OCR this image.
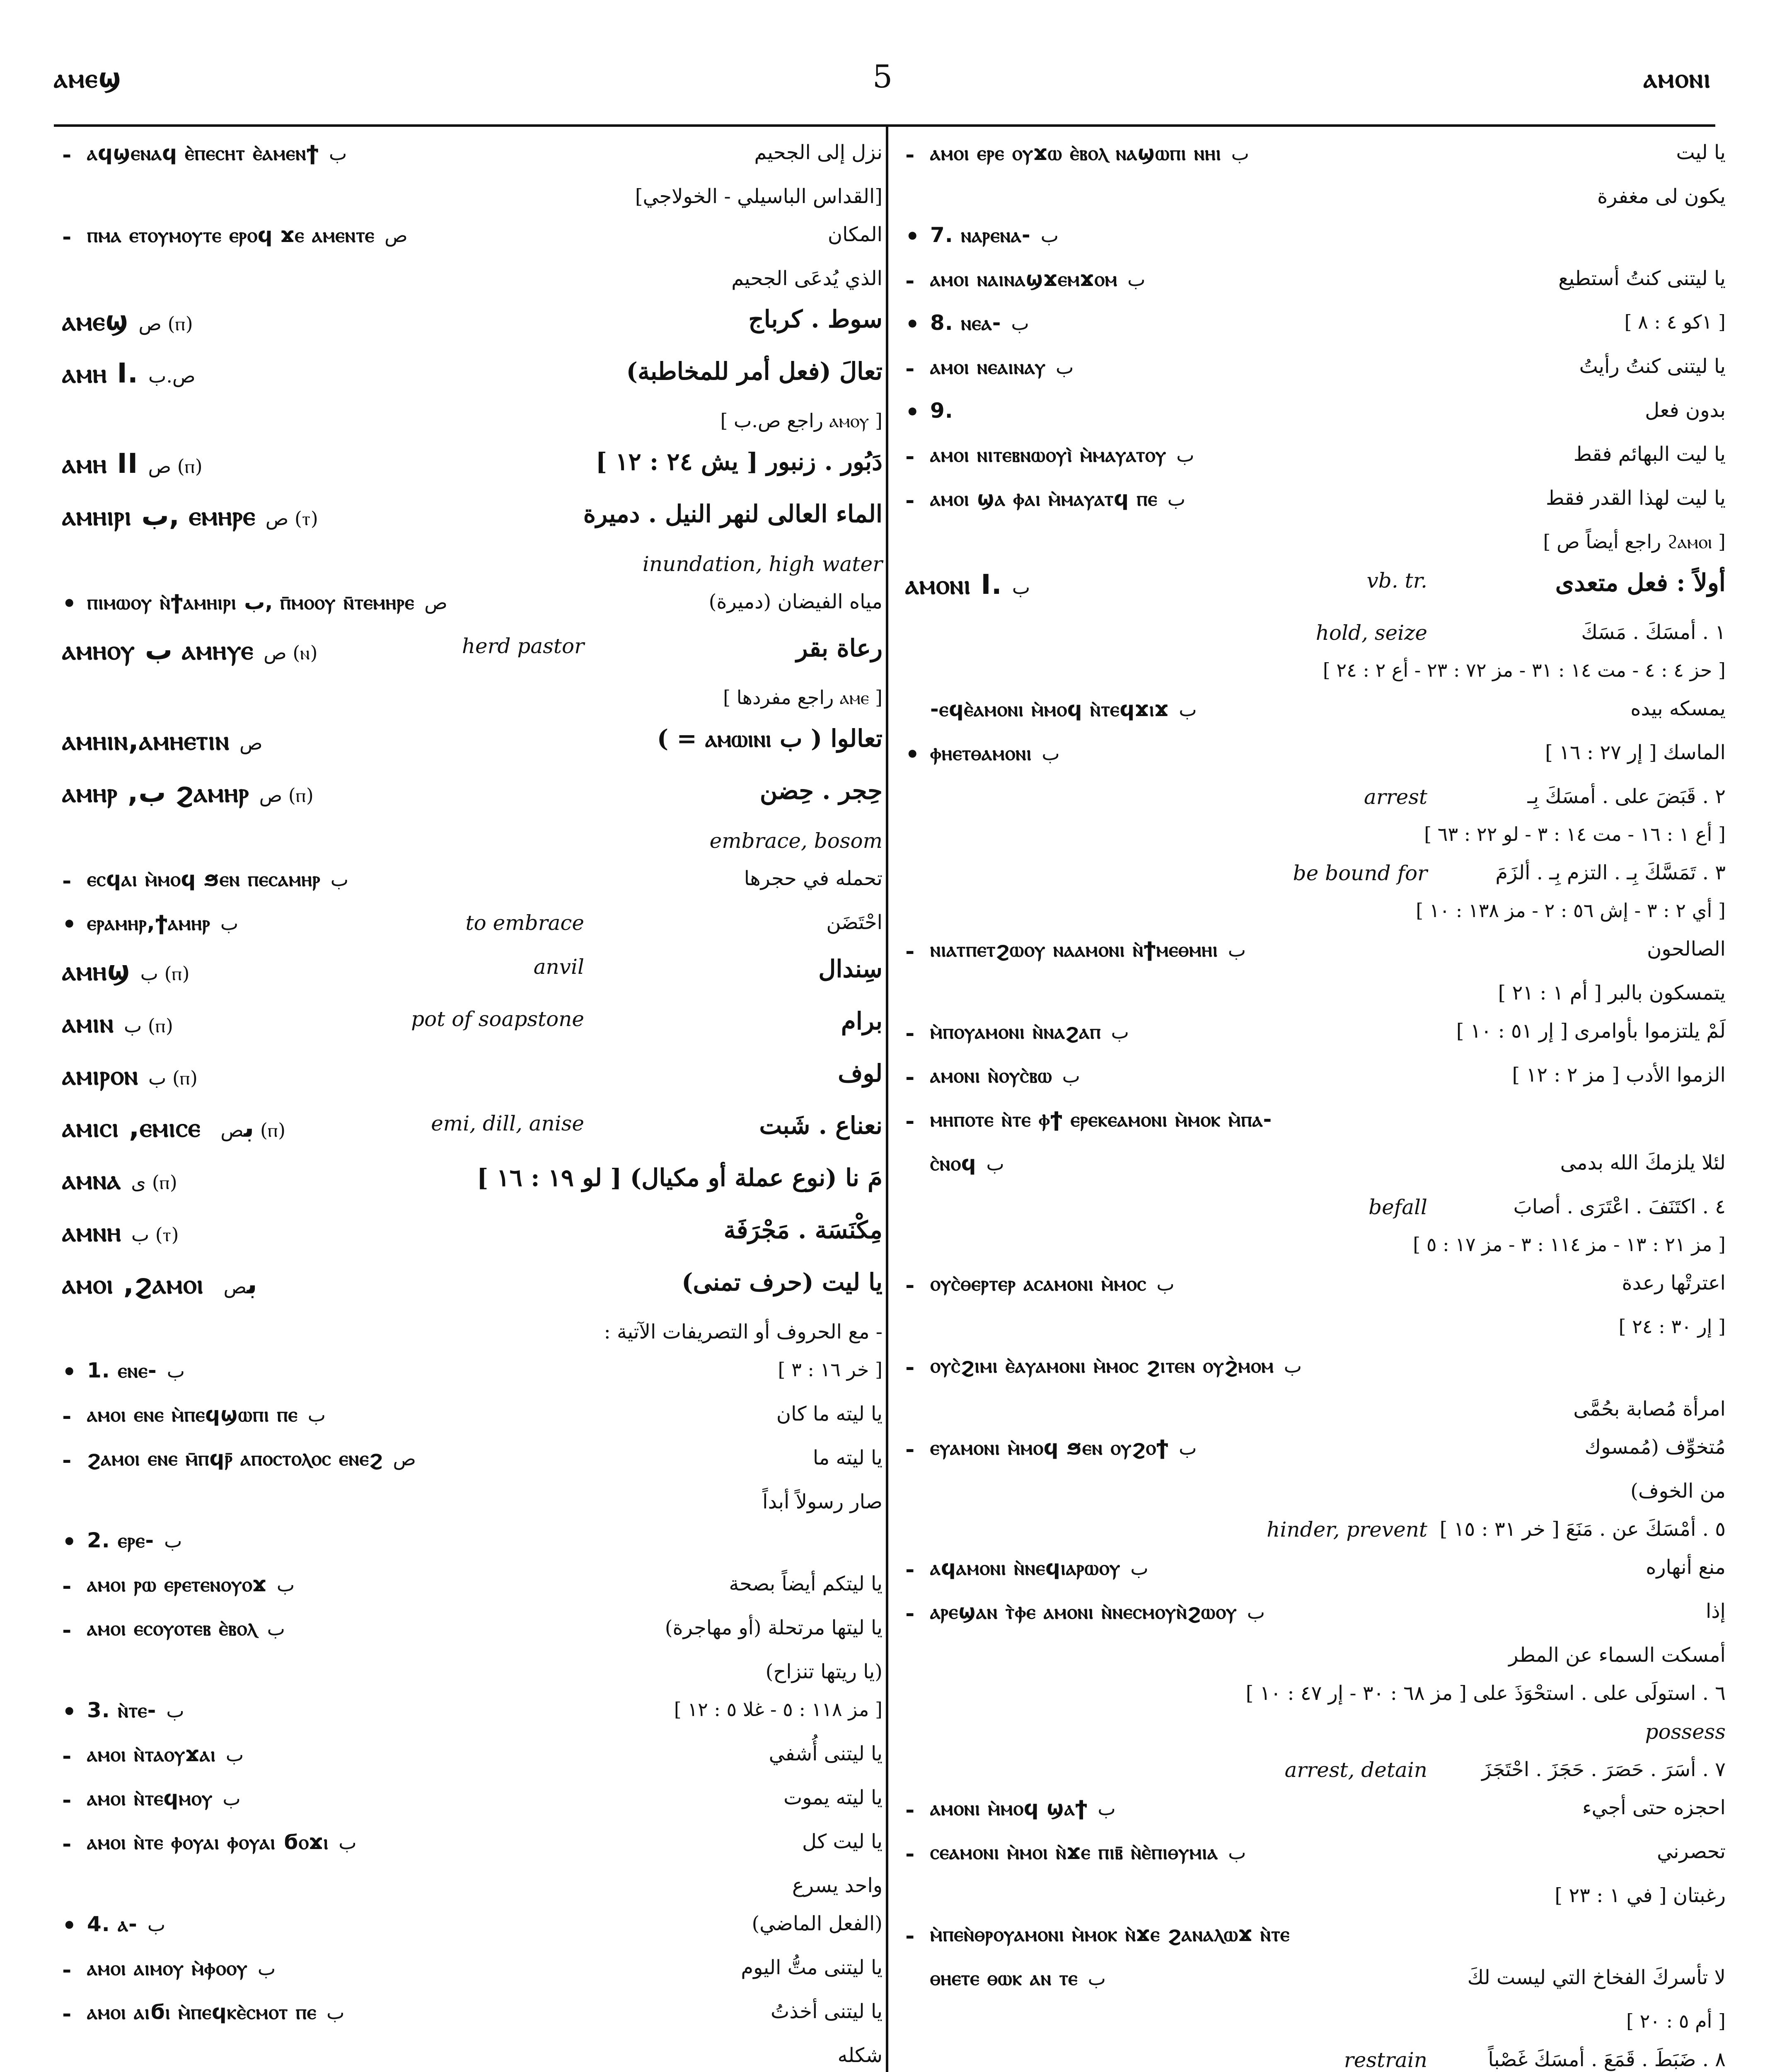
ⲁⲙⲉϣ	5	ⲁⲙⲟⲛⲓ
- ⲁϥϣⲉⲛⲁϥ ⲉ̀ⲡⲉⲥⲏⲧ ⲉ̀ⲁⲙⲉⲛϯ ب	نزل إلى الجحيم
[القداس الباسيلي - الخولاجي]
- ⲡⲙⲁ ⲉⲧⲟⲩⲙⲟⲩⲧⲉ ⲉⲣⲟϥ ϫⲉ ⲁⲙⲉⲛⲧⲉ ص	المكان
الذي يُدعَى الجحيم
ⲁⲙⲉϣ ص (ⲡ)	سوط . كرباج
ⲁⲙⲏ I. ص.ب	تعالَ (فعل أمر للمخاطبة)
[ راجع ص.ب ⲁⲙⲟⲩ ]
ⲁⲙⲏ II ص (ⲡ)	دَبُور . زنبور [ يش ٢٤ : ١٢ ]
ⲁⲙⲏⲓⲣⲓ ب, ⲉⲙⲏⲣⲉ ص (ⲧ)	الماء العالى لنهر النيل . دميرة
inundation, high water
• ⲡⲓⲙⲱⲟⲩ ⲛ̀ϯⲁⲙⲏⲓⲣⲓ ب, ⲡ̄ⲙⲟⲟⲩ ⲛ̄ⲧⲉⲙⲏⲣⲉ ص	مياه الفيضان (دميرة)
ⲁⲙⲏⲟⲩ ب ⲁⲙⲏⲩⲉ ص (ⲛ)	رعاة بقر
herd pastor
[ راجع مفردها ⲁⲙⲉ ]
ⲁⲙⲏⲓⲛ,ⲁⲙⲏⲉⲧⲓⲛ ص	تعالوا ( ب ⲁⲙⲱⲓⲛⲓ = )
ⲁⲙⲏⲣ ,ب ϩⲁⲙⲏⲣ ص (ⲡ)	حِجر . حِضن
embrace, bosom
- ⲉⲥϥⲁⲓ ⲙ̀ⲙⲟϥ ϧⲉⲛ ⲡⲉⲥⲁⲙⲏⲣ ب	تحمله في حجرها
• ⲉⲣⲁⲙⲏⲣ,ϯⲁⲙⲏⲣ ب	احْتَضَن
to embrace
ⲁⲙⲏϣ ب (ⲡ)	سِندال
anvil
ⲁⲙⲓⲛ ب (ⲡ)	برام
pot of soapstone
ⲁⲙⲓⲣⲟⲛ ب (ⲡ)	لوف
ⲁⲙⲓⲥⲓ ,ⲉⲙⲓⲥⲉ بص (ⲡ)	نعناع . شَبت
emi, dill, anise
ⲁⲙⲛⲁ ى (ⲡ)	مَ نا (نوع عملة أو مكيال) [ لو ١٩ : ١٦ ]
ⲁⲙⲛⲏ ب (ⲧ)	مِكْنَسَة . مَجْرَفَة
ⲁⲙⲟⲓ ,ϩⲁⲙⲟⲓ بص	يا ليت (حرف تمنى)
- مع الحروف أو التصريفات الآتية :
• 1. ⲉⲛⲉ- ب	[ خر ١٦ : ٣ ]
- ⲁⲙⲟⲓ ⲉⲛⲉ ⲙ̀ⲡⲉϥϣⲱⲡⲓ ⲡⲉ ب	يا ليته ما كان
- ϩⲁⲙⲟⲓ ⲉⲛⲉ ⲙ̄ⲡϥⲣ̄ ⲁⲡⲟⲥⲧⲟⲗⲟⲥ ⲉⲛⲉϩ ص	يا ليته ما
صار رسولاً أبداً
• 2. ⲉⲣⲉ- ب
- ⲁⲙⲟⲓ ⲣⲱ ⲉⲣⲉⲧⲉⲛⲟⲩⲟϫ ب	يا ليتكم أيضاً بصحة
- ⲁⲙⲟⲓ ⲉⲥⲟⲩⲟⲧⲉⲃ ⲉ̀ⲃⲟⲗ ب	يا ليتها مرتحلة (أو مهاجرة)
(يا ريتها تنزاح)
• 3. ⲛ̀ⲧⲉ- ب	[ مز ١١٨ : ٥ - غلا ٥ : ١٢ ]
- ⲁⲙⲟⲓ ⲛ̀ⲧⲁⲟⲩϫⲁⲓ ب	يا ليتنى أُشفي
- ⲁⲙⲟⲓ ⲛ̀ⲧⲉϥⲙⲟⲩ ب	يا ليته يموت
- ⲁⲙⲟⲓ ⲛ̀ⲧⲉ ⲫⲟⲩⲁⲓ ⲫⲟⲩⲁⲓ ϭⲟϫⲓ ب	يا ليت كل
واحد يسرع
• 4. ⲁ- ب	(الفعل الماضي)
- ⲁⲙⲟⲓ ⲁⲓⲙⲟⲩ ⲙ̀ⲫⲟⲟⲩ ب	يا ليتنى متُّ اليوم
- ⲁⲙⲟⲓ ⲁⲓϭⲓ ⲙ̀ⲡⲉϥⲕⲉ̀ⲥⲙⲟⲧ ⲡⲉ ب	يا ليتنى أخذتُ
شكله
- ⲁⲙⲟⲓ ⲉⲣⲉ ⲟⲩϫⲱ ⲉ̀ⲃⲟⲗ ⲛⲁϣⲱⲡⲓ ⲛⲏⲓ ب	يا ليت
يكون لى مغفرة
• 7. ⲛⲁⲣⲉⲛⲁ- ب
- ⲁⲙⲟⲓ ⲛⲁⲓⲛⲁϣϫⲉⲙϫⲟⲙ ب	يا ليتنى كنتُ أستطيع
• 8. ⲛⲉⲁ- ب	[ ١كو ٤ : ٨ ]
- ⲁⲙⲟⲓ ⲛⲉⲁⲓⲛⲁⲩ ب	يا ليتنى كنتُ رأيتُ
• 9.	بدون فعل
- ⲁⲙⲟⲓ ⲛⲓⲧⲉⲃⲛⲱⲟⲩⲓ̀ ⲙ̀ⲙⲁⲩⲁⲧⲟⲩ ب	يا ليت البهائم فقط
- ⲁⲙⲟⲓ ϣⲁ ⲫⲁⲓ ⲙ̀ⲙⲁⲩⲁⲧϥ ⲡⲉ ب	يا ليت لهذا القدر فقط
[ راجع أيضاً ص ϩⲁⲙⲟⲓ ]
ⲁⲙⲟⲛⲓ I. ب	أولاً : فعل متعدى
vb. tr.
١ . أمسَكَ . مَسَكَ
hold, seize
[ حز ٤ : ٤ - مت ١٤ : ٣١ - مز ٧٢ : ٢٣ - أع ٢ : ٢٤ ]
-ⲉϥⲉ̀ⲁⲙⲟⲛⲓ ⲙ̀ⲙⲟϥ ⲛ̀ⲧⲉϥϫⲓϫ ب	يمسكه بيده
• ⲫⲏⲉⲧⲑⲁⲙⲟⲛⲓ ب	الماسك [ إر ٢٧ : ١٦ ]
٢ . قَبَضَ على . أمسَكَ بِـ
arrest
[ أع ١ : ١٦ - مت ١٤ : ٣ - لو ٢٢ : ٦٣ ]
٣ . تَمَسَّكَ بِـ . التزم بِـ . ألزَمَ
be bound for
[ أي ٢ : ٣ - إش ٥٦ : ٢ - مز ١٣٨ : ١٠ ]
- ⲛⲓⲁⲧⲡⲉⲧϩⲱⲟⲩ ⲛⲁⲁⲙⲟⲛⲓ ⲛ̀ϯⲙⲉⲑⲙⲏⲓ ب	الصالحون
يتمسكون بالبر [ أم ١ : ٢١ ]
- ⲙ̀ⲡⲟⲩⲁⲙⲟⲛⲓ ⲛ̀ⲛⲁϩⲁⲡ ب	لَمْ يلتزموا بأوامرى [ إر ٥١ : ١٠ ]
- ⲁⲙⲟⲛⲓ ⲛ̀ⲟⲩⲥ̀ⲃⲱ ب	الزموا الأدب [ مز ٢ : ١٢ ]
- ⲙⲏⲡⲟⲧⲉ ⲛ̀ⲧⲉ ⲫϯ ⲉⲣⲉⲕⲉⲁⲙⲟⲛⲓ ⲙ̀ⲙⲟⲕ ⲙ̀ⲡⲁ-
ⲥ̀ⲛⲟϥ ب	لئلا يلزمكَ الله بدمى
٤ . اكتَنَفَ . اعْتَرَى . أصابَ
befall
[ مز ٢١ : ١٣ - مز ١١٤ : ٣ - مز ١٧ : ٥ ]
- ⲟⲩⲥ̀ⲑⲉⲣⲧⲉⲣ ⲁⲥⲁⲙⲟⲛⲓ ⲙ̀ⲙⲟⲥ ب	اعترتْها رعدة
[ إر ٣٠ : ٢٤ ]
- ⲟⲩⲥ̀ϩⲓⲙⲓ ⲉ̀ⲁⲩⲁⲙⲟⲛⲓ ⲙ̀ⲙⲟⲥ ϩⲓⲧⲉⲛ ⲟⲩϩ̀ⲙⲟⲙ ب
امرأة مُصابة بحُمَّى
- ⲉⲩⲁⲙⲟⲛⲓ ⲙ̀ⲙⲟϥ ϧⲉⲛ ⲟⲩϩⲟϯ ب	مُتخوِّف (مُمسوك
من الخوف)
٥ . أمْسَكَ عن . مَنَعَ [ خر ٣١ : ١٥ ]
hinder, prevent
- ⲁϥⲁⲙⲟⲛⲓ ⲛ̀ⲛⲉϥⲓⲁⲣⲱⲟⲩ ب	منع أنهاره
- ⲁⲣⲉϣⲁⲛ ⲧ̀ⲫⲉ ⲁⲙⲟⲛⲓ ⲛ̀ⲛⲉⲥⲙⲟⲩⲛ̀ϩⲱⲟⲩ ب	إذا
أمسكت السماء عن المطر
٦ . استولَى على . استحْوَذَ على [ مز ٦٨ : ٣٠ - إر ٤٧ : ١٠ ]
possess
٧ . أسَرَ . حَصَرَ . حَجَزَ . احْتَجَزَ
arrest, detain
- ⲁⲙⲟⲛⲓ ⲙ̀ⲙⲟϥ ϣⲁϯ ب	احجزه حتى أجيء
- ⲥⲉⲁⲙⲟⲛⲓ ⲙ̀ⲙⲟⲓ ⲛ̀ϫⲉ ⲡⲓⲃ̄ ⲛ̀ⲉ̀ⲡⲓⲑⲩⲙⲓⲁ ب	تحصرني
رغبتان [ في ١ : ٢٣ ]
- ⲙ̀ⲡⲉⲛ̀ⲑⲣⲟⲩⲁⲙⲟⲛⲓ ⲙ̀ⲙⲟⲕ ⲛ̀ϫⲉ ϩⲁⲛⲁⲗⲱϫ ⲛ̀ⲧⲉ
ⲑⲏⲉⲧⲉ ⲑⲱⲕ ⲁⲛ ⲧⲉ ب	لا تأسركَ الفخاخ التي ليست لكَ
[ أم ٥ : ٢٠ ]
٨ . ضَبَطَ . قَمَعَ . أمسَكَ غَصْباً
restrain
